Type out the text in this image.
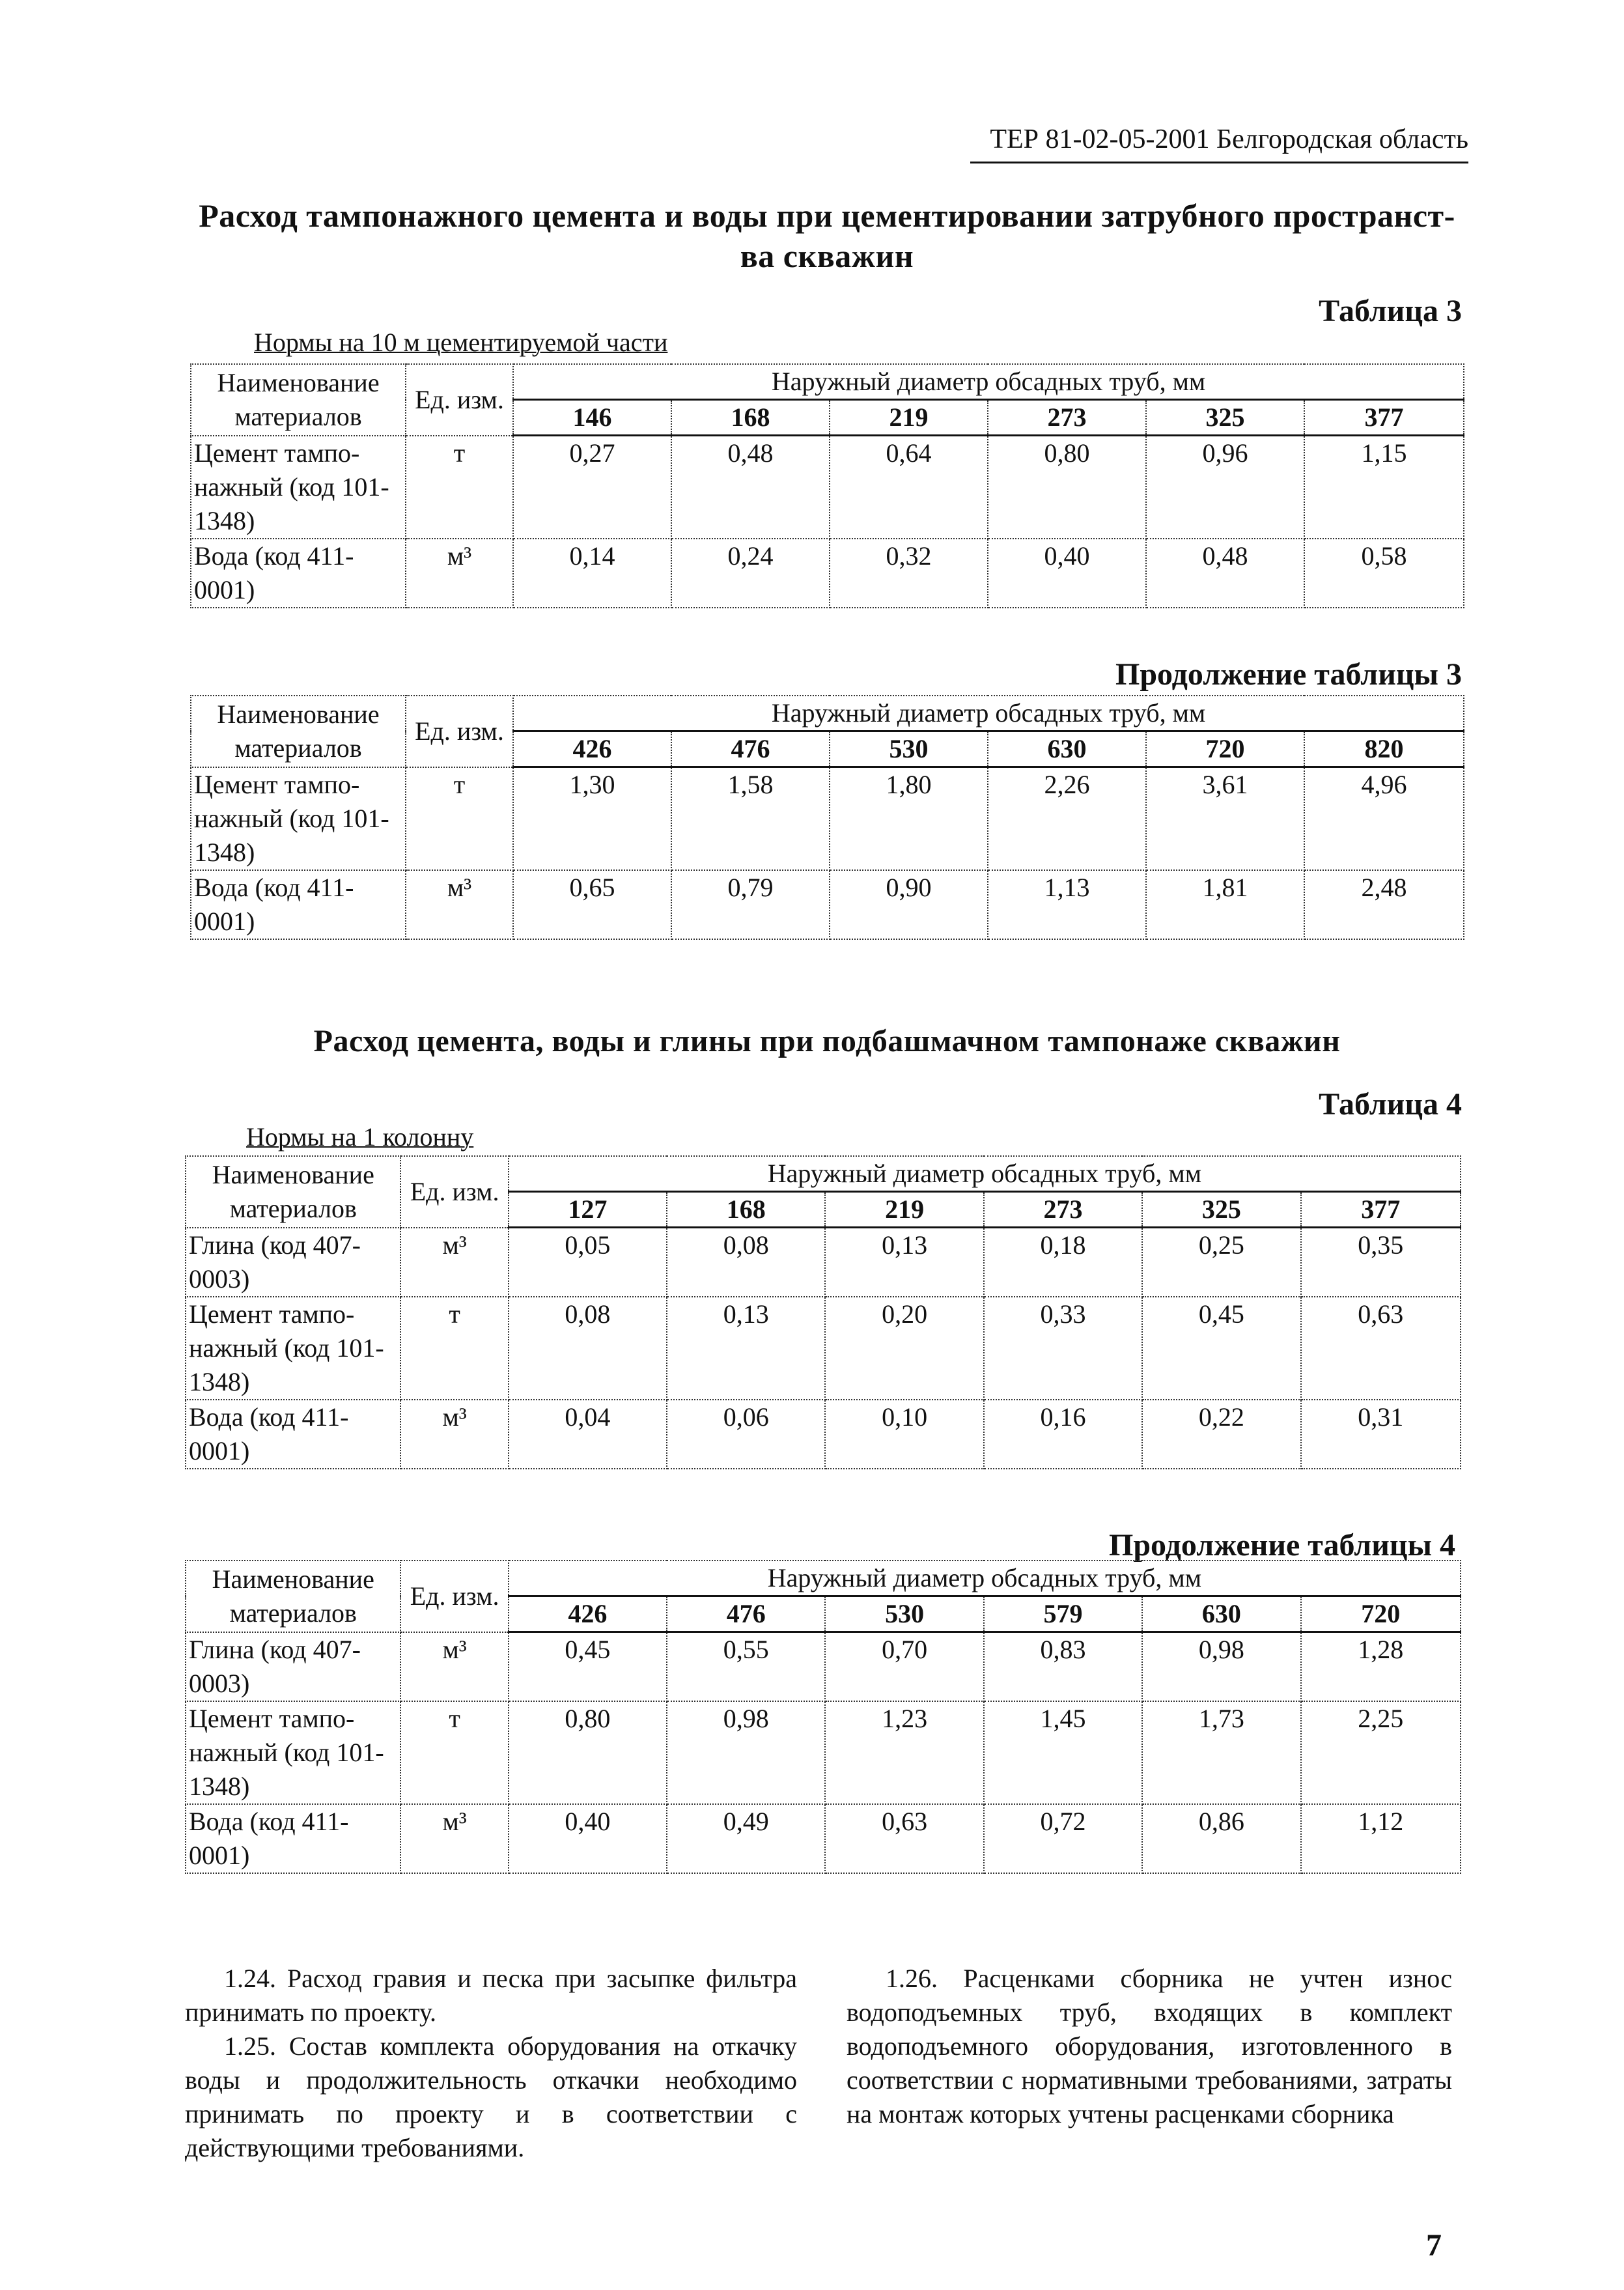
ТЕР 81-02-05-2001 Белгородская область
Расход тампонажного цемента и воды при цементировании затрубного пространст-
ва скважин
Таблица 3
Нормы на 10 м цементируемой части
Наименование материалов	Ед. изм.	Наружный диаметр обсадных труб, мм					
		146	168	219	273	325	377
Цемент тампо-нажный (код 101-1348)	т	0,27	0,48	0,64	0,80	0,96	1,15
Вода (код 411-0001)	м³	0,14	0,24	0,32	0,40	0,48	0,58
Продолжение таблицы 3
Наименование материалов	Ед. изм.	Наружный диаметр обсадных труб, мм					
		426	476	530	630	720	820
Цемент тампо-нажный (код 101-1348)	т	1,30	1,58	1,80	2,26	3,61	4,96
Вода (код 411-0001)	м³	0,65	0,79	0,90	1,13	1,81	2,48
Расход цемента, воды и глины при подбашмачном тампонаже скважин
Таблица 4
Нормы на 1 колонну
Наименование материалов	Ед. изм.	Наружный диаметр обсадных труб, мм					
		127	168	219	273	325	377
Глина (код 407-0003)	м³	0,05	0,08	0,13	0,18	0,25	0,35
Цемент тампо-нажный (код 101-1348)	т	0,08	0,13	0,20	0,33	0,45	0,63
Вода (код 411-0001)	м³	0,04	0,06	0,10	0,16	0,22	0,31
Продолжение таблицы 4
Наименование материалов	Ед. изм.	Наружный диаметр обсадных труб, мм					
		426	476	530	579	630	720
Глина (код 407-0003)	м³	0,45	0,55	0,70	0,83	0,98	1,28
Цемент тампо-нажный (код 101-1348)	т	0,80	0,98	1,23	1,45	1,73	2,25
Вода (код 411-0001)	м³	0,40	0,49	0,63	0,72	0,86	1,12
1.24. Расход гравия и песка при засыпке фильтра принимать по проекту.
1.25. Состав комплекта оборудования на откачку воды и продолжительность откачки необходимо принимать по проекту и в соответствии с действующими требованиями.
1.26. Расценками сборника не учтен износ водоподъемных труб, входящих в комплект водоподъемного оборудования, изготовленного в соответствии с нормативными требованиями, затраты на монтаж которых учтены расценками сборника
7
